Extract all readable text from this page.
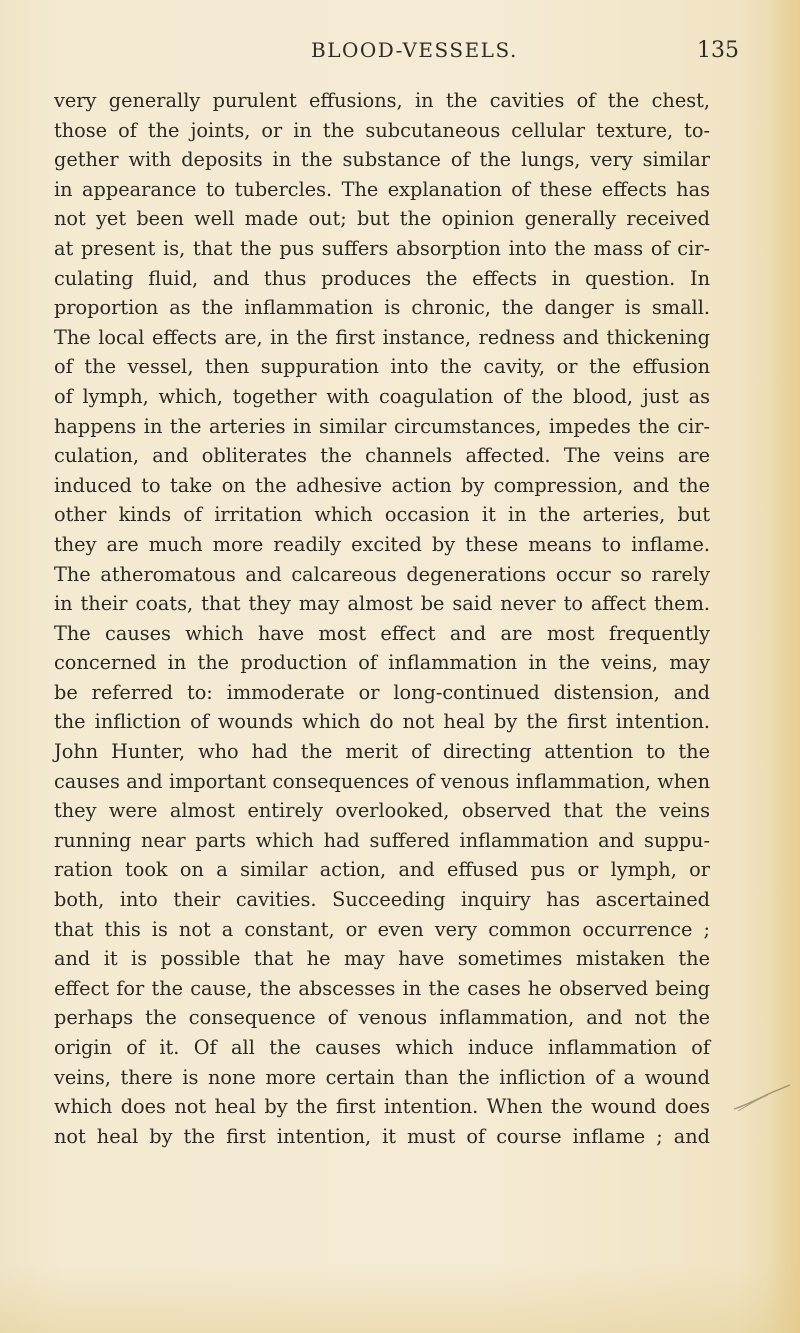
BLOOD-VESSELS.	135
very generally purulent effusions, in the cavities of the chest,
those of the joints, or in the subcutaneous cellular texture, to-
gether with deposits in the substance of the lungs, very similar
in appearance to tubercles. The explanation of these effects has
not yet been well made out; but the opinion generally received
at present is, that the pus suffers absorption into the mass of cir-
culating fluid, and thus produces the effects in question. In
proportion as the inflammation is chronic, the danger is small.
The local effects are, in the first instance, redness and thickening
of the vessel, then suppuration into the cavity, or the effusion
of lymph, which, together with coagulation of the blood, just as
happens in the arteries in similar circumstances, impedes the cir-
culation, and obliterates the channels affected. The veins are
induced to take on the adhesive action by compression, and the
other kinds of irritation which occasion it in the arteries, but
they are much more readily excited by these means to inflame.
The atheromatous and calcareous degenerations occur so rarely
in their coats, that they may almost be said never to affect them.
The causes which have most effect and are most frequently
concerned in the production of inflammation in the veins, may
be referred to: immoderate or long-continued distension, and
the infliction of wounds which do not heal by the first intention.
John Hunter, who had the merit of directing attention to the
causes and important consequences of venous inflammation, when
they were almost entirely overlooked, observed that the veins
running near parts which had suffered inflammation and suppu-
ration took on a similar action, and effused pus or lymph, or
both, into their cavities. Succeeding inquiry has ascertained
that this is not a constant, or even very common occurrence ;
and it is possible that he may have sometimes mistaken the
effect for the cause, the abscesses in the cases he observed being
perhaps the consequence of venous inflammation, and not the
origin of it. Of all the causes which induce inflammation of
veins, there is none more certain than the infliction of a wound
which does not heal by the first intention. When the wound does
not heal by the first intention, it must of course inflame ; and
